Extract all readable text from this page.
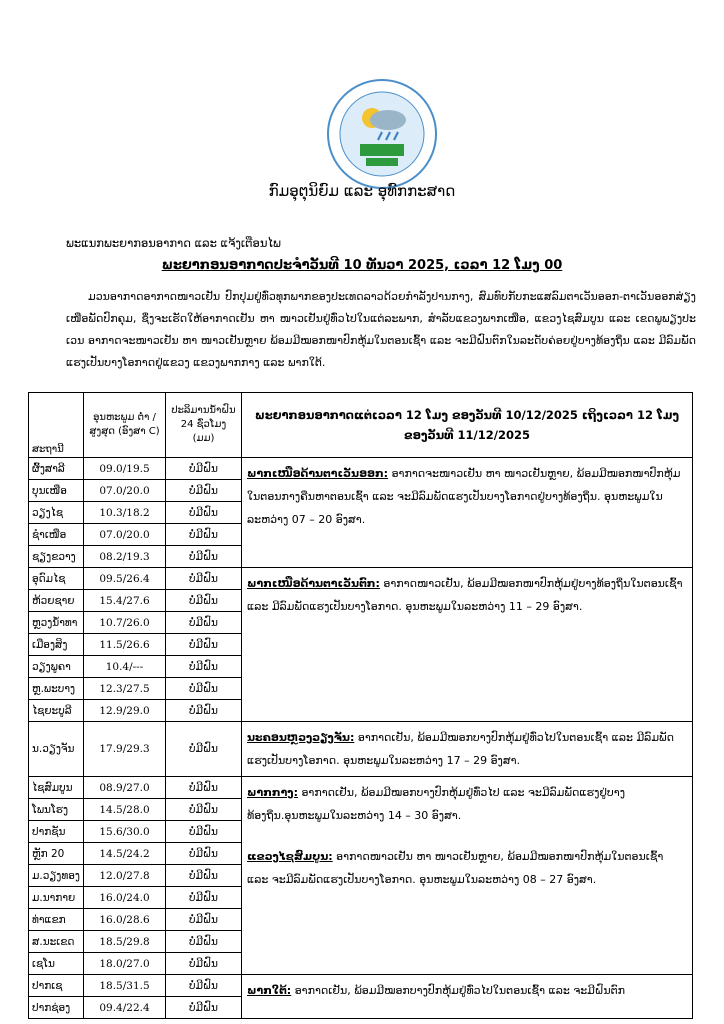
ກົມອຸຕຸນິຍົມ ແລະ ອຸທົກກະສາດ
ພະແນກພະຍາກອນອາກາດ ແລະ ແຈ້ງເຕືອນໄພ
ພະຍາກອນອາກາດປະຈໍາວັນທີ 10 ທັນວາ 2025, ເວລາ 12 ໂມງ 00

ມວນອາກາດອາກາດໜາວເຢັນ ປົກປຸມຢູ່ທົ່ວທຸກພາກຂອງປະເທດລາວດ້ວຍກໍາລັງປານກາງ, ສົມທົບກັບກະແສລົມຕາເວັນອອກ-ຕາເວັນອອກສ່ຽງເໜືອພັດປົກຄຸມ, ຊຶ່ງຈະເຮັດໃຫ້ອາກາດເຢັນ ຫາ ໜາວເຢັນຢູ່ທົ່ວໄປໃນແຕ່ລະພາກ, ສໍາລັບແຂວງພາກເໜືອ, ແຂວງໄຊສົມບູນ ແລະ ເຂດພູພຽງປະເວນ ອາກາດຈະໜາວເຢັນ ຫາ ໜາວເຢັນຫຼາຍ ພ້ອມມີໝອກໜາປົກຫຸ້ມໃນຕອນເຊົ້າ ແລະ ຈະມີຝົນຕົກໃນລະດັບຄ່ອຍຢູ່ບາງທ້ອງຖິ່ນ ແລະ ມີລົມພັດແຮງເປັນບາງໂອກາດຢູ່ແຂວງ ແຂວງພາກກາງ ແລະ ພາກໃຕ້.

ສະຖານີ	ອຸນຫະພູມ ຕໍ່າ /ສູງສຸດ (ອົງສາ C)	ປະລິມານນໍ້າຝົນ 24 ຊົ່ວໂມງ (ມມ)	ພະຍາກອນອາກາດແຕ່ເວລາ 12 ໂມງ ຂອງວັນທີ 10/12/2025 ເຖິງເວລາ 12 ໂມງຂອງວັນທີ 11/12/2025
ຜົ້ງສາລີ	09.0/19.5	ບໍ່ມີຝົນ	ພາກເໜືອດ້ານຕາເວັນອອກ: ອາກາດຈະໜາວເຢັນ ຫາ ໜາວເຢັນຫຼາຍ, ພ້ອມມີໝອກໜາປົກຫຸ້ມໃນຕອນກາງຄືນຫາຕອນເຊົ້າ ແລະ ຈະມີລົມພັດແຮງເປັນບາງໂອກາດຢູ່ບາງທ້ອງຖິ່ນ. ອຸນຫະພູມໃນລະຫວ່າງ 07 – 20 ອົງສາ.
ບຸນເໜືອ	07.0/20.0	ບໍ່ມີຝົນ	
ວຽງໄຊ	10.3/18.2	ບໍ່ມີຝົນ	
ຊໍາເໜືອ	07.0/20.0	ບໍ່ມີຝົນ	
ຊຽງຂວາງ	08.2/19.3	ບໍ່ມີຝົນ	
ອຸດົມໄຊ	09.5/26.4	ບໍ່ມີຝົນ	ພາກເໜືອດ້ານຕາເວັນຕົກ: ອາກາດໜາວເຢັນ, ພ້ອມມີໝອກໜາປົກຫຸ້ມຢູ່ບາງທ້ອງຖິ່ນໃນຕອນເຊົ້າ ແລະ ມີລົມພັດແຮງເປັນບາງໂອກາດ. ອຸນຫະພູມໃນລະຫວ່າງ 11 – 29 ອົງສາ.
ຫ້ວຍຊາຍ	15.4/27.6	ບໍ່ມີຝົນ	
ຫຼວງນໍ້າທາ	10.7/26.0	ບໍ່ມີຝົນ	
ເມືອງສິງ	11.5/26.6	ບໍ່ມີຝົນ	
ວຽງພູຄາ	10.4/---	ບໍ່ມີຝົນ	
ຫຼ.ພະບາງ	12.3/27.5	ບໍ່ມີຝົນ	
ໄຊຍະບູລີ	12.9/29.0	ບໍ່ມີຝົນ	
ນ.ວຽງຈັນ	17.9/29.3	ບໍ່ມີຝົນ	ນະຄອນຫຼວງວຽງຈັນ: ອາກາດເຢັນ, ພ້ອມມີໝອກບາງປົກຫຸ້ມຢູ່ທົ່ວໄປໃນຕອນເຊົ້າ ແລະ ມີລົມພັດແຮງເປັນບາງໂອກາດ. ອຸນຫະພູມໃນລະຫວ່າງ 17 – 29 ອົງສາ.
ໄຊສົມບູນ	08.9/27.0	ບໍ່ມີຝົນ	ພາກກາງ: ອາກາດເຢັນ, ພ້ອມມີໝອກບາງປົກຫຸ້ມຢູ່ທົ່ວໄປ ແລະ ຈະມີລົມພັດແຮງຢູ່ບາງທ້ອງຖິ່ນ.ອຸນຫະພູມໃນລະຫວ່າງ 14 – 30 ອົງສາ.
ແຂວງໄຊສົມບູນ: ອາກາດໜາວເຢັນ ຫາ ໜາວເຢັນຫຼາຍ, ພ້ອມມີໝອກໜາປົກຫຸ້ມໃນຕອນເຊົ້າ ແລະ ຈະມີລົມພັດແຮງເປັນບາງໂອກາດ. ອຸນຫະພູມໃນລະຫວ່າງ 08 – 27 ອົງສາ.

ໂພນໂຮງ	14.5/28.0	ບໍ່ມີຝົນ	
ປາກຊັນ	15.6/30.0	ບໍ່ມີຝົນ	
ຫຼັກ 20	14.5/24.2	ບໍ່ມີຝົນ	
ມ.ວຽງທອງ	12.0/27.8	ບໍ່ມີຝົນ	
ມ.ນາກາຍ	16.0/24.0	ບໍ່ມີຝົນ	
ທ່າແຂກ	16.0/28.6	ບໍ່ມີຝົນ	
ສ.ນະເຂດ	18.5/29.8	ບໍ່ມີຝົນ	
ເຊໂນ	18.0/27.0	ບໍ່ມີຝົນ	
ປາກເຊ	18.5/31.5	ບໍ່ມີຝົນ	ພາກໃຕ້: ອາກາດເຢັນ, ພ້ອມມີໝອກບາງປົກຫຸ້ມຢູ່ທົ່ວໄປໃນຕອນເຊົ້າ ແລະ ຈະມີຝົນຕົກ
ປາກຊ່ອງ	09.4/22.4	ບໍ່ມີຝົນ	
